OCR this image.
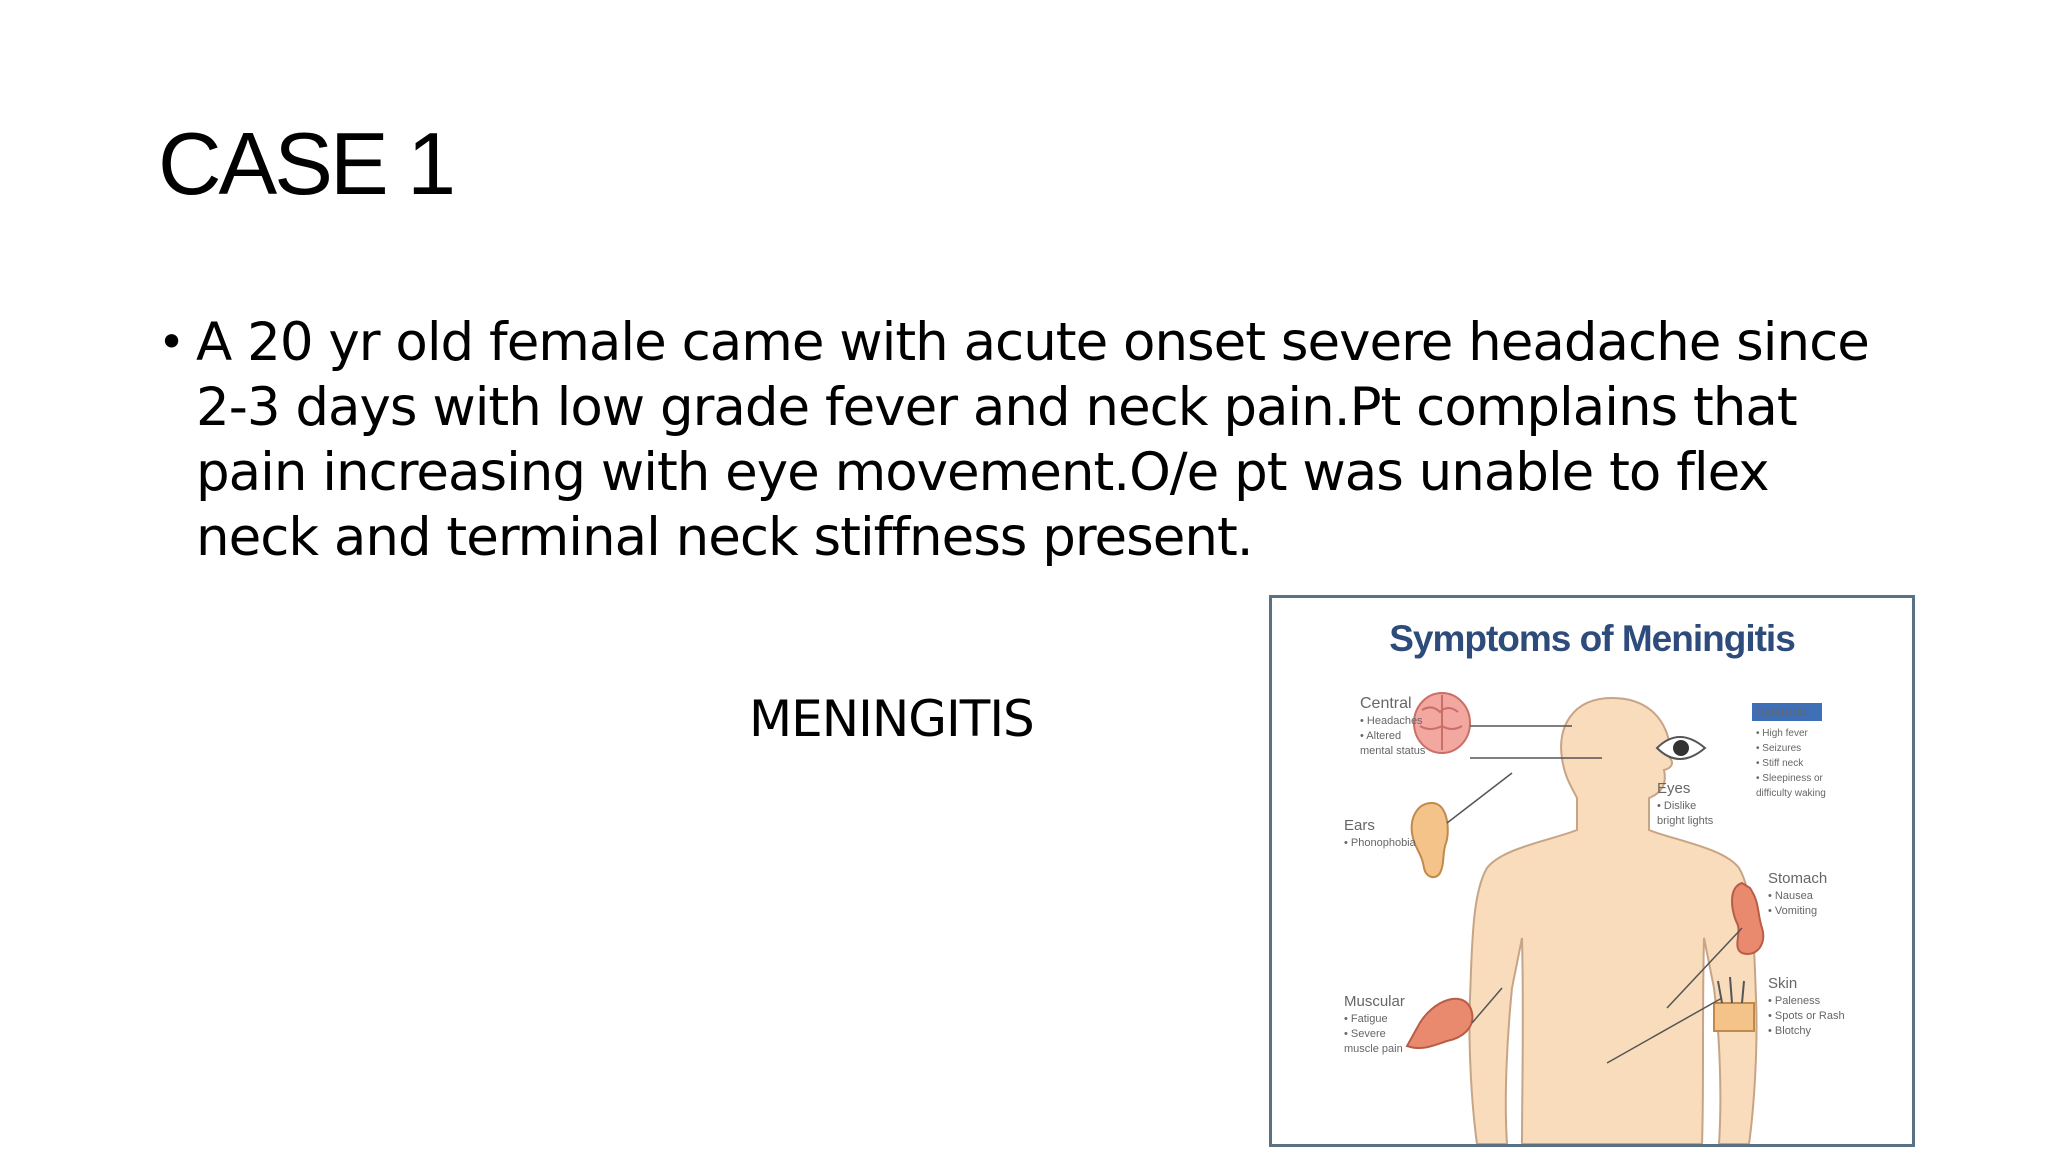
CASE 1
• A 20 yr old female came with acute onset severe headache since 2-3 days with low grade fever and neck pain.Pt complains that pain increasing with eye movement.O/e pt was unable to flex neck and terminal neck stiffness present.
MENINGITIS
Symptoms of Meningitis
Central
• Headaches
• Altered
mental status
Ears
• Phonophobia
Muscular
• Fatigue
• Severe
muscle pain
Eyes
• Dislike
bright lights
Systemic
• High fever
• Seizures
• Stiff neck
• Sleepiness or
difficulty waking
Stomach
• Nausea
• Vomiting
Skin
• Paleness
• Spots or Rash
• Blotchy
